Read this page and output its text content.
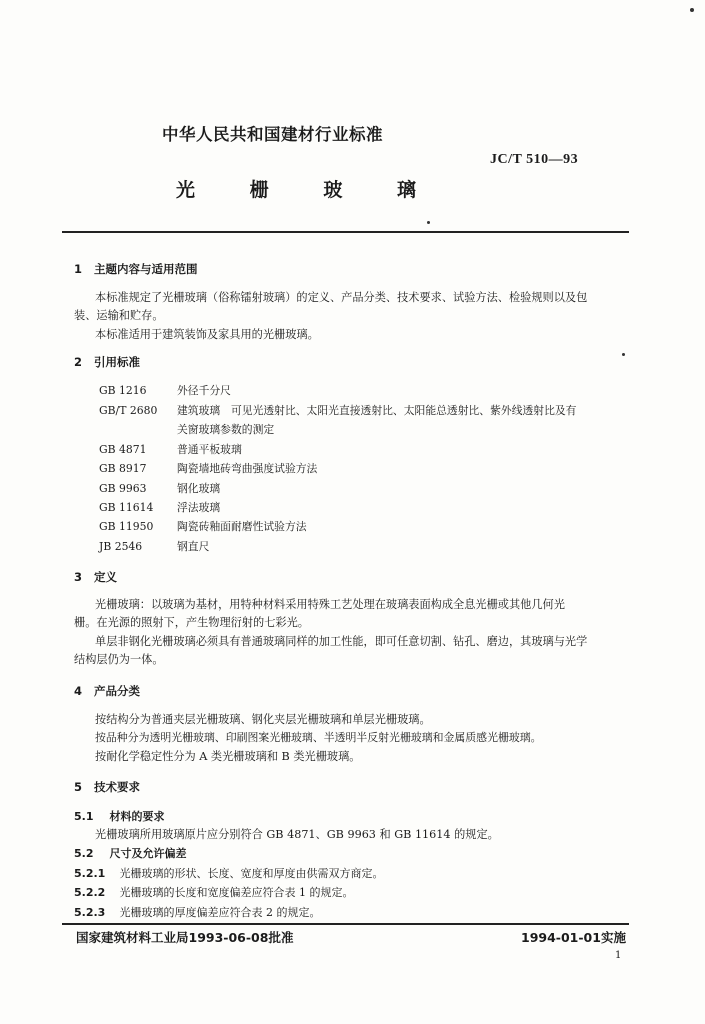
中华人民共和国建材行业标准
JC/T 510—93
光	栅	玻	璃
1 主题内容与适用范围
本标准规定了光栅玻璃（俗称镭射玻璃）的定义、产品分类、技术要求、试验方法、检验规则以及包
装、运输和贮存。
本标准适用于建筑装饰及家具用的光栅玻璃。
2 引用标准
GB 1216	外径千分尺
GB/T 2680 建筑玻璃　可见光透射比、太阳光直接透射比、太阳能总透射比、紫外线透射比及有
关窗玻璃参数的测定
GB 4871	普通平板玻璃
GB 8917	陶瓷墙地砖弯曲强度试验方法
GB 9963	钢化玻璃
GB 11614 浮法玻璃
GB 11950 陶瓷砖釉面耐磨性试验方法
JB 2546	钢直尺
3 定义
光栅玻璃：以玻璃为基材，用特种材料采用特殊工艺处理在玻璃表面构成全息光栅或其他几何光
栅。在光源的照射下，产生物理衍射的七彩光。
单层非钢化光栅玻璃必须具有普通玻璃同样的加工性能，即可任意切割、钻孔、磨边，其玻璃与光学
结构层仍为一体。
4 产品分类
按结构分为普通夹层光栅玻璃、钢化夹层光栅玻璃和单层光栅玻璃。
按品种分为透明光栅玻璃、印刷图案光栅玻璃、半透明半反射光栅玻璃和金属质感光栅玻璃。
按耐化学稳定性分为 A 类光栅玻璃和 B 类光栅玻璃。
5 技术要求
5.1 材料的要求
光栅玻璃所用玻璃原片应分别符合 GB 4871、GB 9963 和 GB 11614 的规定。
5.2 尺寸及允许偏差
5.2.1 光栅玻璃的形状、长度、宽度和厚度由供需双方商定。
5.2.2 光栅玻璃的长度和宽度偏差应符合表 1 的规定。
5.2.3 光栅玻璃的厚度偏差应符合表 2 的规定。
国家建筑材料工业局1993-06-08批准	1994-01-01实施
1
